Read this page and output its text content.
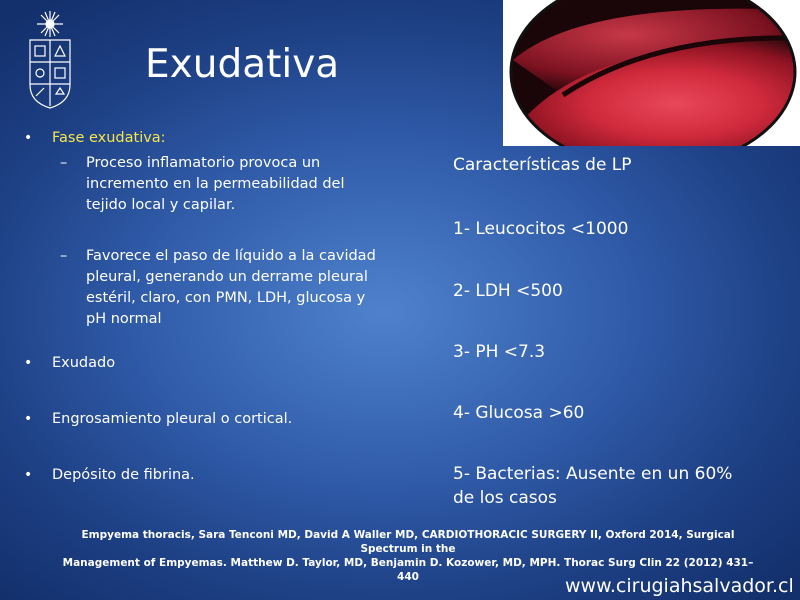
Exudativa
• Fase exudativa:
– Proceso inflamatorio provoca un incremento en la permeabilidad del tejido local y capilar.
– Favorece el paso de líquido a la cavidad pleural, generando un derrame pleural estéril, claro, con PMN, LDH, glucosa y pH normal
• Exudado
• Engrosamiento pleural o cortical.
• Depósito de fibrina.
Características de LP
1- Leucocitos <1000
2- LDH <500
3- PH <7.3
4- Glucosa >60
5- Bacterias: Ausente en un 60% de los casos
Empyema thoracis, Sara Tenconi MD, David A Waller MD, CARDIOTHORACIC SURGERY II, Oxford 2014, Surgical Spectrum in the
Management of Empyemas. Matthew D. Taylor, MD, Benjamin D. Kozower, MD, MPH. Thorac Surg Clin 22 (2012) 431–440	www.cirugiahsalvador.cl
